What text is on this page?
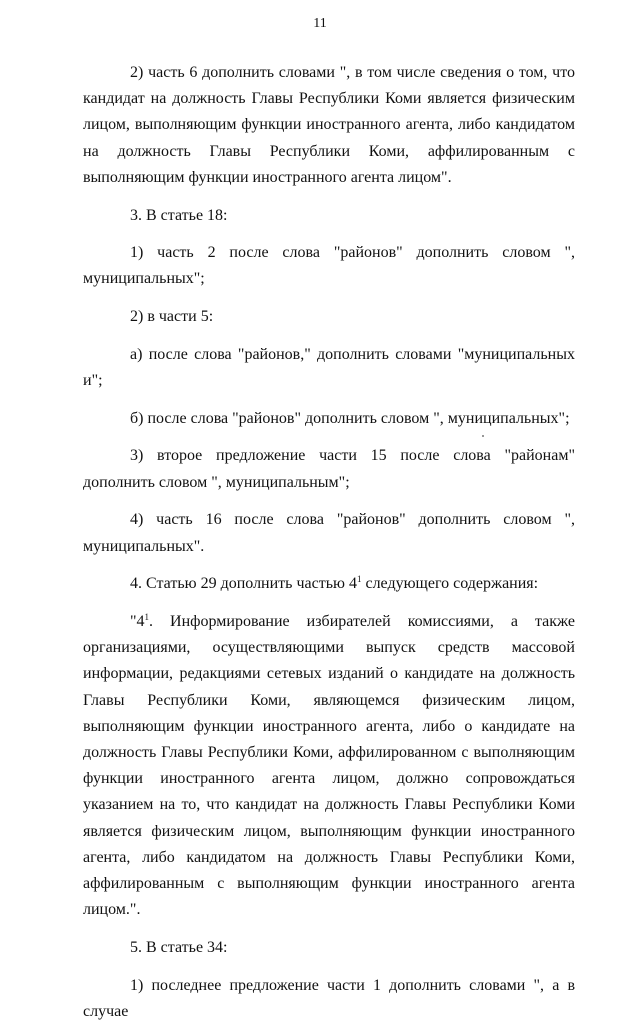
11

2) часть 6 дополнить словами ", в том числе сведения о том, что кандидат на должность Главы Республики Коми является физическим лицом, выполняющим функции иностранного агента, либо кандидатом на должность Главы Республики Коми, аффилированным с выполняющим функции иностранного агента лицом".

3. В статье 18:

1) часть 2 после слова "районов" дополнить словом ", муниципальных";

2) в части 5:

а) после слова "районов," дополнить словами "муниципальных и";

б) после слова "районов" дополнить словом ", муниципальных";

3) второе предложение части 15 после слова "районам" дополнить словом ", муниципальным";

4) часть 16 после слова "районов" дополнить словом ", муниципальных".

4. Статью 29 дополнить частью $4^1$ следующего содержания:

"$4^1$. Информирование избирателей комиссиями, а также организациями, осуществляющими выпуск средств массовой информации, редакциями сетевых изданий о кандидате на должность Главы Республики Коми, являющемся физическим лицом, выполняющим функции иностранного агента, либо о кандидате на должность Главы Республики Коми, аффилированном с выполняющим функции иностранного агента лицом, должно сопровождаться указанием на то, что кандидат на должность Главы Республики Коми является физическим лицом, выполняющим функции иностранного агента, либо кандидатом на должность Главы Республики Коми, аффилированным с выполняющим функции иностранного агента лицом.".

5. В статье 34:

1) последнее предложение части 1 дополнить словами ", а в случае
